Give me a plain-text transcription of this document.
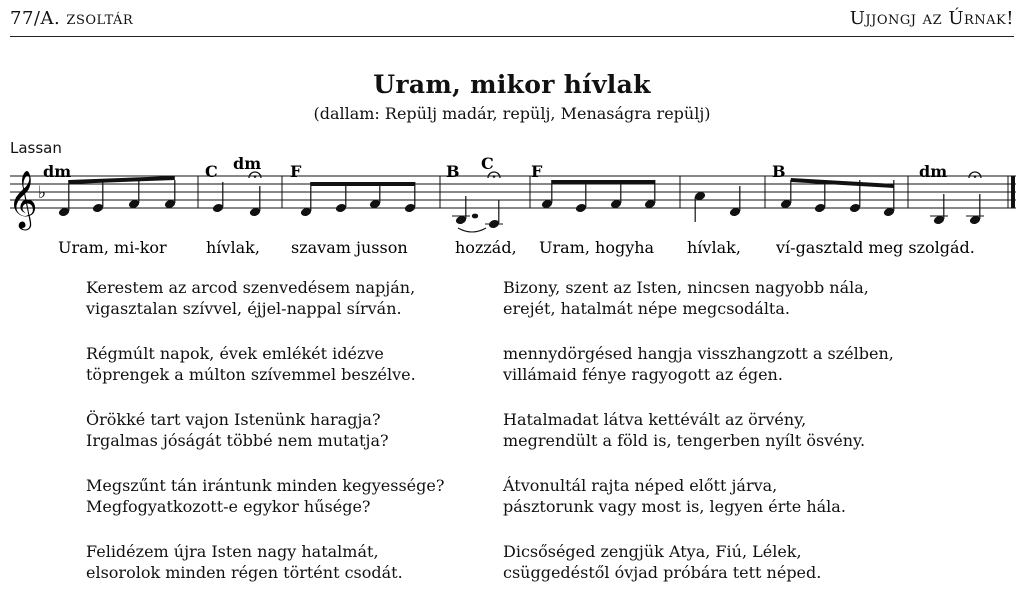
77/A. zsoltár	Ujjongj az Úrnak!
Uram, mikor hívlak
(dallam: Repülj madár, repülj, Menaságra repülj)
Lassan
𝄞 ♭
dm	C dm F	B C F	B	dm
Uram, mi-kor hívlak, szavam jusson	hozzád, Uram, hogyha hívlak, ví-gasztald meg szolgád.
Kerestem az arcod szenvedésem napján,
vigasztalan szívvel, éjjel-nappal sírván.
Régmúlt napok, évek emlékét idézve
töprengek a múlton szívemmel beszélve.
Örökké tart vajon Istenünk haragja?
Irgalmas jóságát többé nem mutatja?
Megszűnt tán irántunk minden kegyessége?
Megfogyatkozott-e egykor hűsége?
Felidézem újra Isten nagy hatalmát,
elsorolok minden régen történt csodát.
Bizony, szent az Isten, nincsen nagyobb nála,
erejét, hatalmát népe megcsodálta.
mennydörgésed hangja visszhangzott a szélben,
villámaid fénye ragyogott az égen.
Hatalmadat látva kettévált az örvény,
megrendült a föld is, tengerben nyílt ösvény.
Átvonultál rajta néped előtt járva,
pásztorunk vagy most is, legyen érte hála.
Dicsőséged zengjük Atya, Fiú, Lélek,
csüggedéstől óvjad próbára tett néped.
